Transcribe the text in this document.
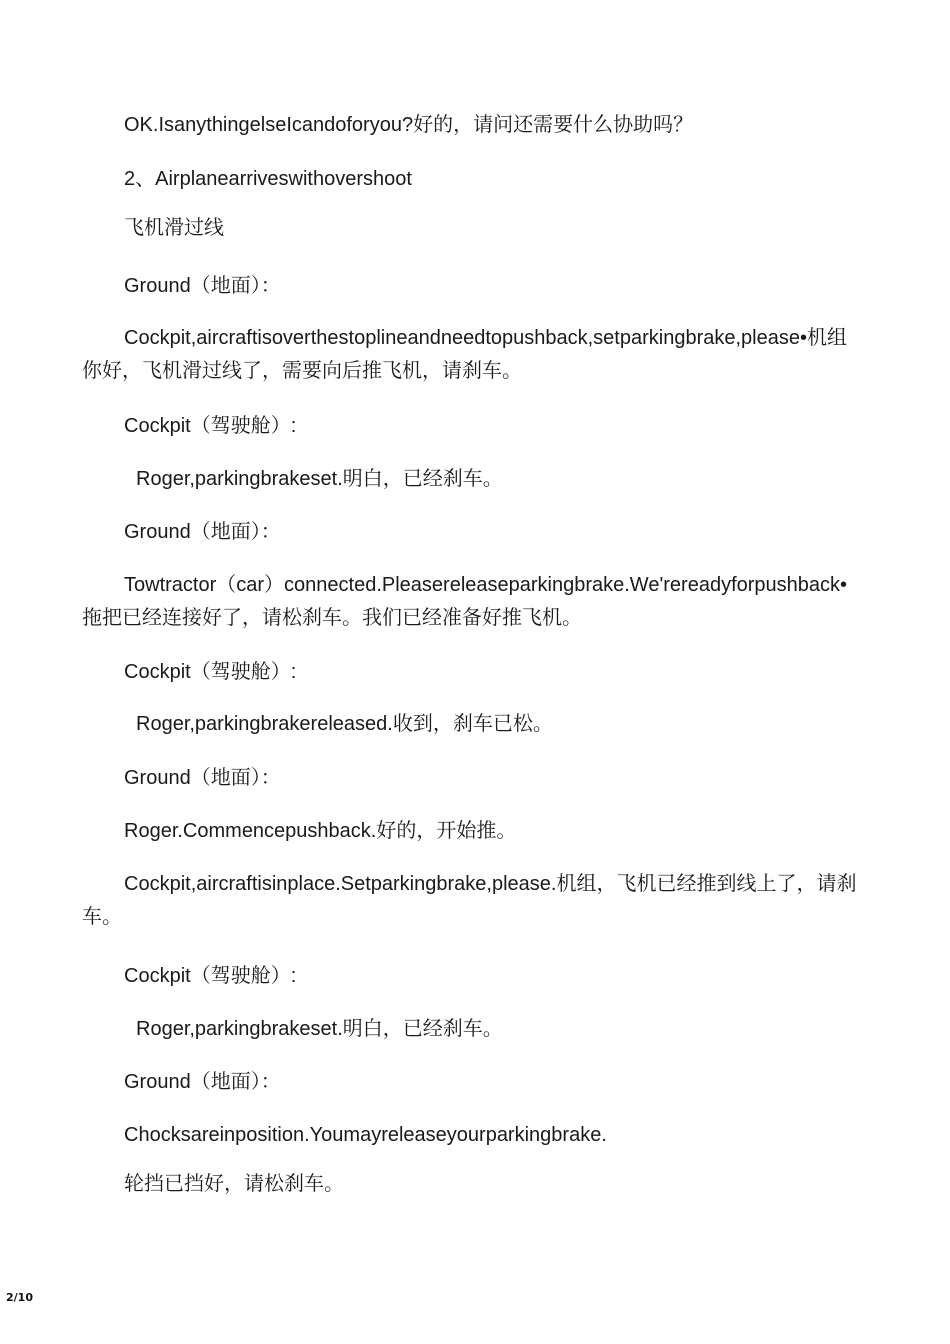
OK.IsanythingelseIcandoforyou?好的，请问还需要什么协助吗？

2、Airplanearriveswithovershoot

飞机滑过线

Ground（地面）：

Cockpit,aircraftisoverthestoplineandneedtopushback,setparkingbrake,please•机组你好，飞机滑过线了，需要向后推飞机，请刹车。

Cockpit（驾驶舱）:

Roger,parkingbrakeset.明白，已经刹车。

Ground（地面）：

Towtractor（car）connected.Pleasereleaseparkingbrake.We'rereadyforpushback•拖把已经连接好了，请松刹车。我们已经准备好推飞机。

Cockpit（驾驶舱）:

Roger,parkingbrakereleased.收到，刹车已松。

Ground（地面）：

Roger.Commencepushback.好的，开始推。

Cockpit,aircraftisinplace.Setparkingbrake,please.机组，飞机已经推到线上了，请刹车。

Cockpit（驾驶舱）:

Roger,parkingbrakeset.明白，已经刹车。

Ground（地面）：

Chocksareinposition.Youmayreleaseyourparkingbrake.

轮挡已挡好，请松刹车。

2/10
